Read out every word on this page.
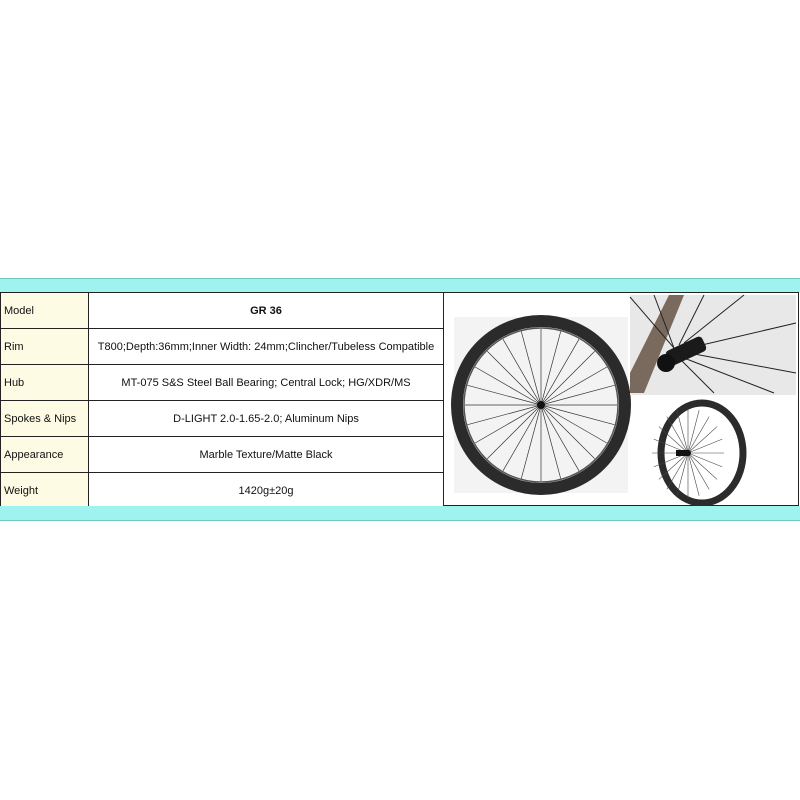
Model	GR 36
Rim	T800;Depth:36mm;Inner Width: 24mm;Clincher/Tubeless Compatible
Hub	MT-075 S&S Steel Ball Bearing; Central Lock; HG/XDR/MS
Spokes & Nips	D-LIGHT 2.0-1.65-2.0; Aluminum Nips
Appearance	Marble Texture/Matte Black
Weight	1420g±20g
